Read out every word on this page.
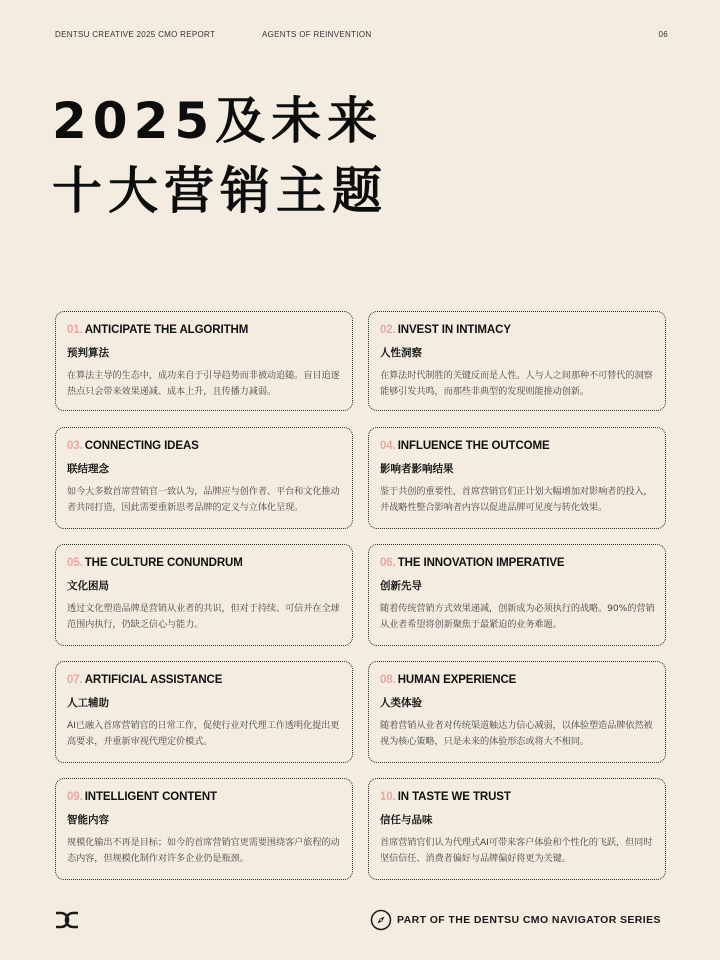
DENTSU CREATIVE 2025 CMO REPORT	AGENTS OF REINVENTION	06
2025及未来
十大营销主题
01. ANTICIPATE THE ALGORITHM
预判算法
在算法主导的生态中，成功来自于引导趋势而非被动追随。盲目追逐热点只会带来效果递减、成本上升，且传播力减弱。
02. INVEST IN INTIMACY
人性洞察
在算法时代制胜的关键反而是人性。人与人之间那种不可替代的洞察能够引发共鸣，而那些非典型的发现则能推动创新。
03. CONNECTING IDEAS
联结理念
如今大多数首席营销官一致认为，品牌应与创作者、平台和文化推动者共同打造，因此需要重新思考品牌的定义与立体化呈现。
04. INFLUENCE THE OUTCOME
影响者影响结果
鉴于共创的重要性，首席营销官们正计划大幅增加对影响者的投入，并战略性整合影响者内容以促进品牌可见度与转化效果。
05. THE CULTURE CONUNDRUM
文化困局
透过文化塑造品牌是营销从业者的共识，但对于持续、可信并在全球范围内执行，仍缺乏信心与能力。
06. THE INNOVATION IMPERATIVE
创新先导
随着传统营销方式效果递减，创新成为必须执行的战略。90%的营销从业者希望将创新聚焦于最紧迫的业务难题。
07. ARTIFICIAL ASSISTANCE
人工辅助
AI已融入首席营销官的日常工作，促使行业对代理工作透明化提出更高要求，并重新审视代理定价模式。
08. HUMAN EXPERIENCE
人类体验
随着营销从业者对传统渠道触达力信心减弱，以体验塑造品牌依然被视为核心策略，只是未来的体验形态或将大不相同。
09. INTELLIGENT CONTENT
智能内容
规模化输出不再是目标；如今的首席营销官更需要围绕客户旅程的动态内容，但规模化制作对许多企业仍是瓶颈。
10. IN TASTE WE TRUST
信任与品味
首席营销官们认为代理式AI可带来客户体验和个性化的飞跃，但同时坚信信任、消费者偏好与品牌偏好将更为关键。
PART OF THE DENTSU CMO NAVIGATOR SERIES
